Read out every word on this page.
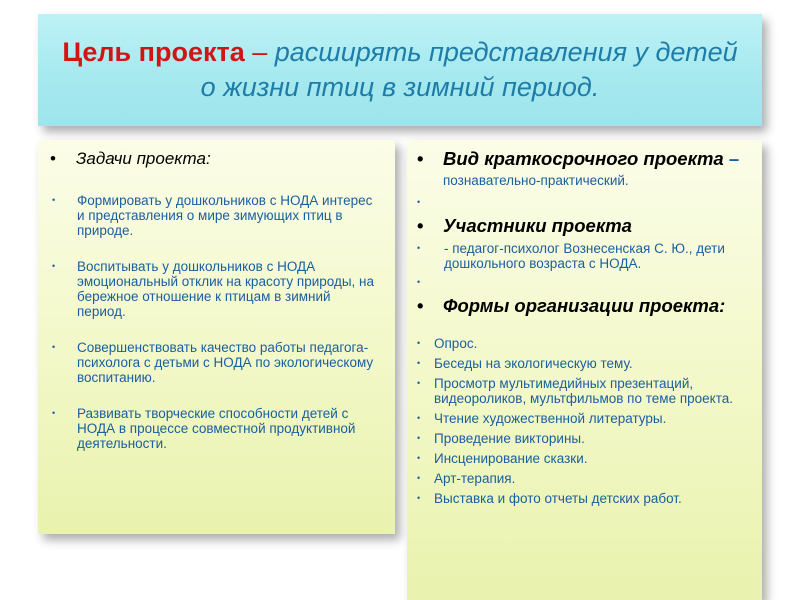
Цель проекта – расширять представления у детей о жизни птиц в зимний период.
•	Задачи проекта:
•	Формировать у дошкольников с НОДА интерес и представления о мире зимующих птиц в природе.
•	Воспитывать у дошкольников с НОДА эмоциональный отклик на красоту природы, на бережное отношение к птицам в зимний период.
•	Совершенствовать качество работы педагога-психолога с детьми с НОДА по экологическому воспитанию.
•	Развивать творческие способности детей с НОДА в процессе совместной продуктивной деятельности.
•	Вид краткосрочного проекта – познавательно-практический.
•
•	Участники проекта
•	- педагог-психолог Вознесенская С. Ю., дети дошкольного возраста с НОДА.
•
•	Формы организации проекта:
•	Опрос.
•	Беседы на экологическую тему.
•	Просмотр мультимедийных презентаций, видеороликов, мультфильмов по теме проекта.
•	Чтение художественной литературы.
•	Проведение викторины.
•	Инсценирование сказки.
•	Арт-терапия.
•	Выставка и фото отчеты детских работ.
